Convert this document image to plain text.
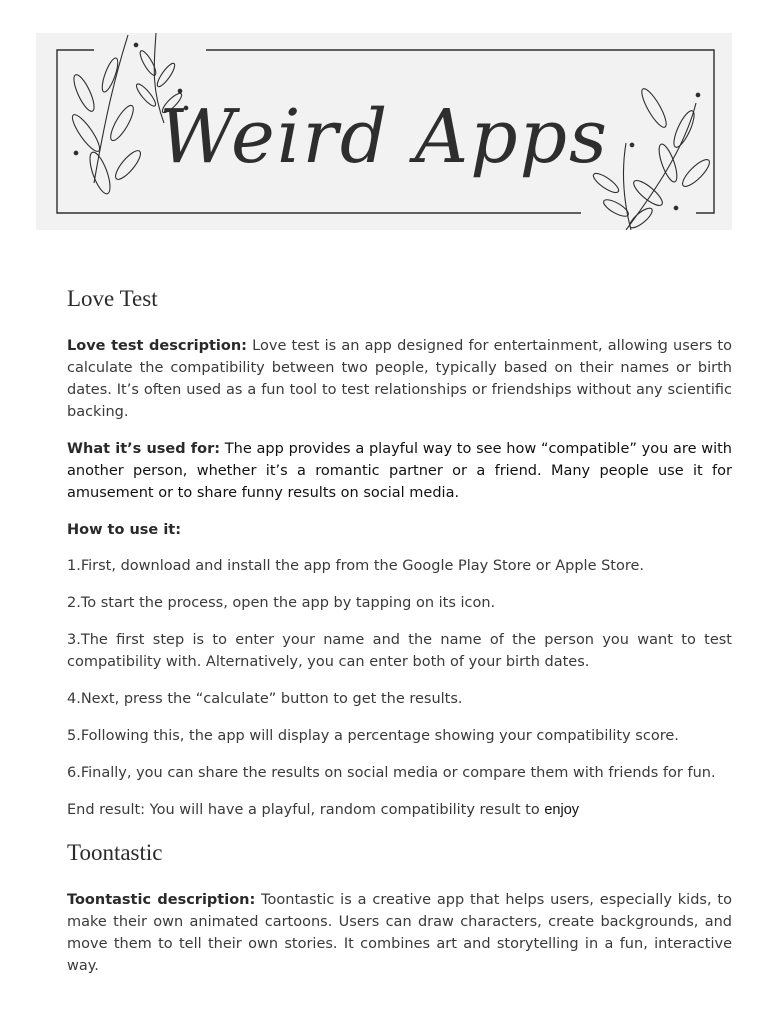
Weird Apps
Love Test

Love test description: Love test is an app designed for entertainment, allowing users to calculate the compatibility between two people, typically based on their names or birth dates. It’s often used as a fun tool to test relationships or friendships without any scientific backing.

What it’s used for: The app provides a playful way to see how “compatible” you are with another person, whether it’s a romantic partner or a friend. Many people use it for amusement or to share funny results on social media.

How to use it:

1.First, download and install the app from the Google Play Store or Apple Store.

2.To start the process, open the app by tapping on its icon.

3.The first step is to enter your name and the name of the person you want to test compatibility with. Alternatively, you can enter both of your birth dates.

4.Next, press the “calculate” button to get the results.

5.Following this, the app will display a percentage showing your compatibility score.

6.Finally, you can share the results on social media or compare them with friends for fun.

End result: You will have a playful, random compatibility result to enjoy

Toontastic

Toontastic description: Toontastic is a creative app that helps users, especially kids, to make their own animated cartoons. Users can draw characters, create backgrounds, and move them to tell their own stories. It combines art and storytelling in a fun, interactive way.
